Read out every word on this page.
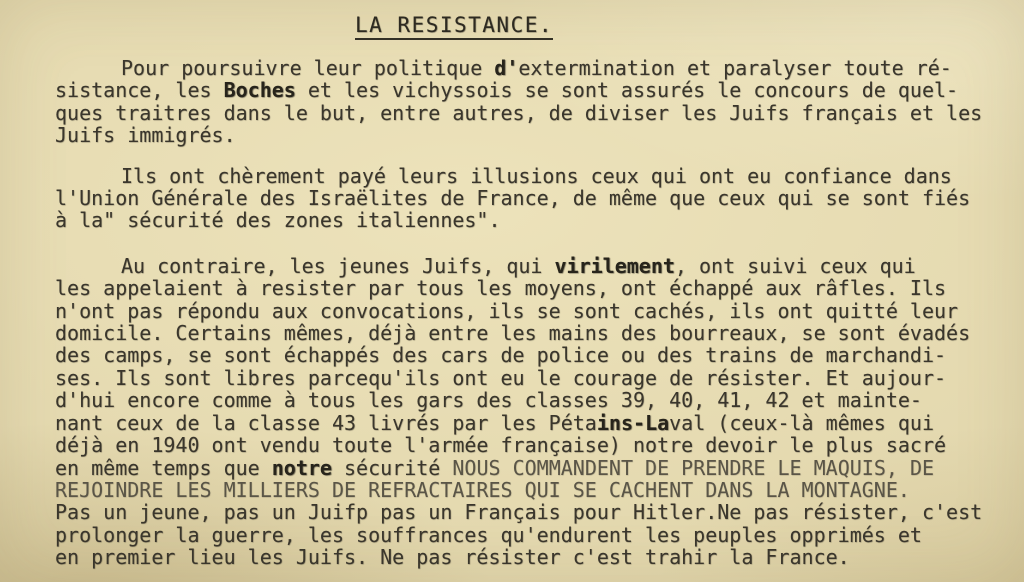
LA RESISTANCE.
Pour poursuivre leur politique d'extermination et paralyser toute ré-
sistance, les Boches et les vichyssois se sont assurés le concours de quel-
ques traitres dans le but, entre autres, de diviser les Juifs français et les
Juifs immigrés.
Ils ont chèrement payé leurs illusions ceux qui ont eu confiance dans
l'Union Générale des Israëlites de France, de même que ceux qui se sont fiés
à la" sécurité des zones italiennes".
Au contraire, les jeunes Juifs, qui virilement, ont suivi ceux qui
les appelaient à resister par tous les moyens, ont échappé aux râfles. Ils
n'ont pas répondu aux convocations, ils se sont cachés, ils ont quitté leur
domicile. Certains mêmes, déjà entre les mains des bourreaux, se sont évadés
des camps, se sont échappés des cars de police ou des trains de marchandi-
ses. Ils sont libres parcequ'ils ont eu le courage de résister. Et aujour-
d'hui encore comme à tous les gars des classes 39, 40, 41, 42 et mainte-
nant ceux de la classe 43 livrés par les Pétains-Laval (ceux-là mêmes qui
déjà en 1940 ont vendu toute l'armée française) notre devoir le plus sacré
en même temps que notre sécurité NOUS COMMANDENT DE PRENDRE LE MAQUIS, DE
REJOINDRE LES MILLIERS DE REFRACTAIRES QUI SE CACHENT DANS LA MONTAGNE.
Pas un jeune, pas un Juifp pas un Français pour Hitler.Ne pas résister, c'est
prolonger la guerre, les souffrances qu'endurent les peuples opprimés et
en premier lieu les Juifs. Ne pas résister c'est trahir la France.
